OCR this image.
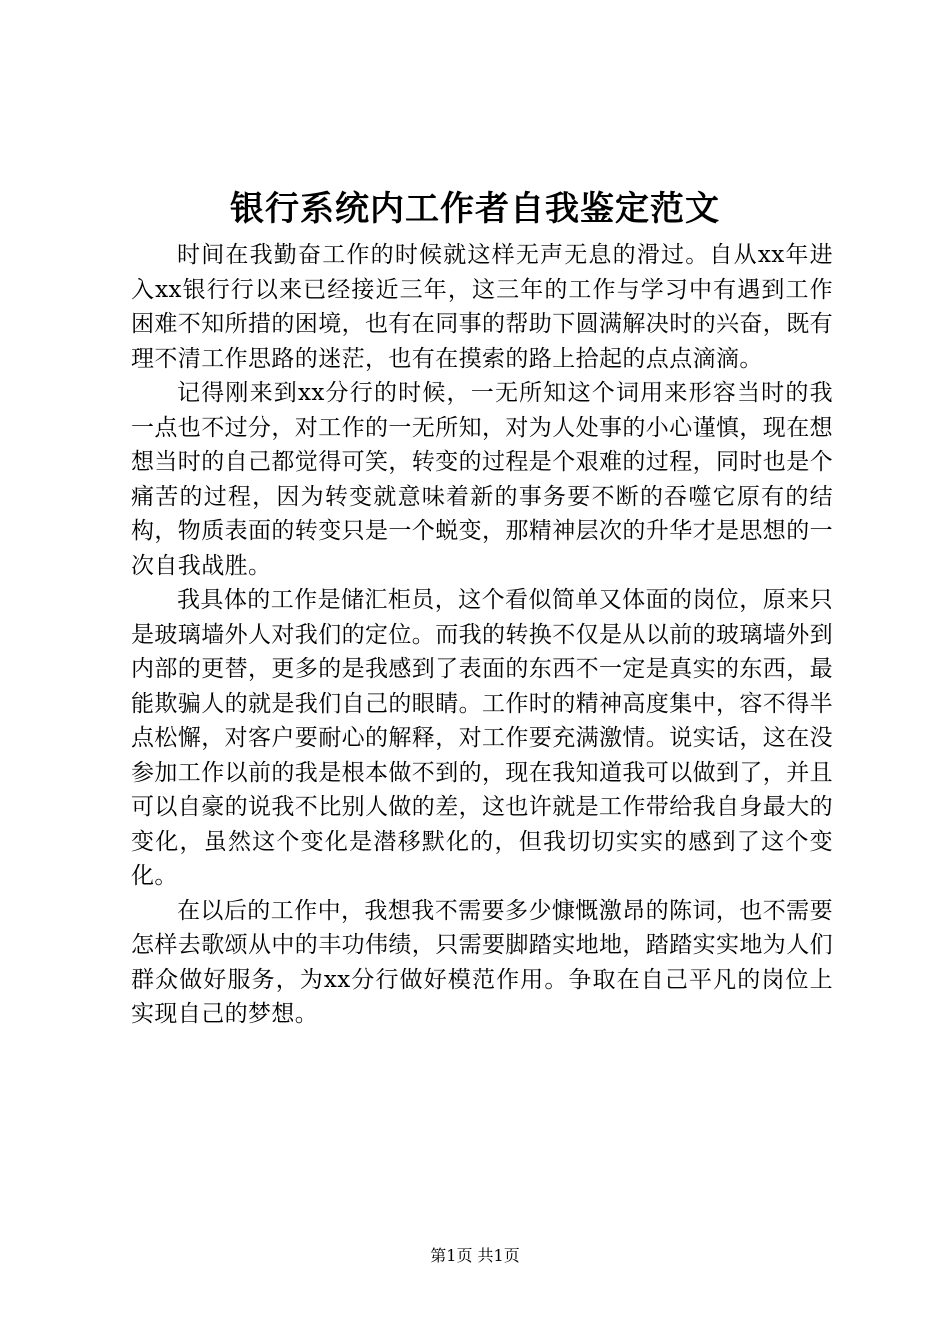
银行系统内工作者自我鉴定范文

时间在我勤奋工作的时候就这样无声无息的滑过。自从xx年进入xx银行行以来已经接近三年，这三年的工作与学习中有遇到工作困难不知所措的困境，也有在同事的帮助下圆满解决时的兴奋，既有理不清工作思路的迷茫，也有在摸索的路上拾起的点点滴滴。

记得刚来到xx分行的时候，一无所知这个词用来形容当时的我一点也不过分，对工作的一无所知，对为人处事的小心谨慎，现在想想当时的自己都觉得可笑，转变的过程是个艰难的过程，同时也是个痛苦的过程，因为转变就意味着新的事务要不断的吞噬它原有的结构，物质表面的转变只是一个蜕变，那精神层次的升华才是思想的一次自我战胜。

我具体的工作是储汇柜员，这个看似简单又体面的岗位，原来只是玻璃墙外人对我们的定位。而我的转换不仅是从以前的玻璃墙外到内部的更替，更多的是我感到了表面的东西不一定是真实的东西，最能欺骗人的就是我们自己的眼睛。工作时的精神高度集中，容不得半点松懈，对客户要耐心的解释，对工作要充满激情。说实话，这在没参加工作以前的我是根本做不到的，现在我知道我可以做到了，并且可以自豪的说我不比别人做的差，这也许就是工作带给我自身最大的变化，虽然这个变化是潜移默化的，但我切切实实的感到了这个变化。

在以后的工作中，我想我不需要多少慷慨激昂的陈词，也不需要怎样去歌颂从中的丰功伟绩，只需要脚踏实地地，踏踏实实地为人们群众做好服务，为xx分行做好模范作用。争取在自己平凡的岗位上实现自己的梦想。

第1页 共1页
